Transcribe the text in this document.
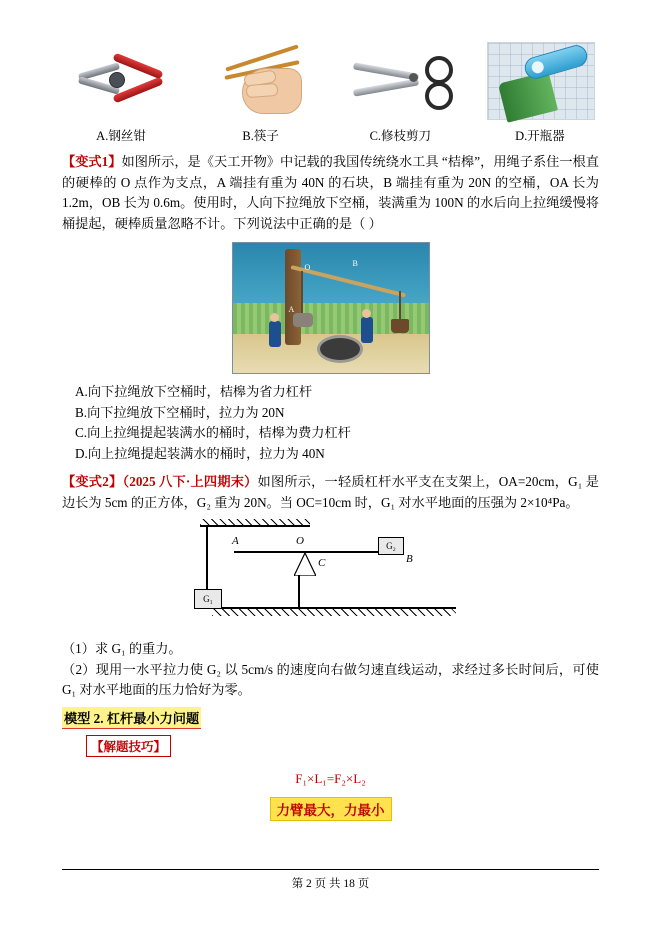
A.钢丝钳	B.筷子	C.修枝剪刀	D.开瓶器

【变式1】如图所示，是《天工开物》中记载的我国传统绕水工具 “桔槔”，用绳子系住一根直的硬棒的 O 点作为支点，A 端挂有重为 40N 的石块，B 端挂有重为 20N 的空桶，OA 长为 1.2m，OB 长为 0.6m。使用时，人向下拉绳放下空桶，装满重为 100N 的水后向上拉绳缓慢将桶提起，硬棒质量忽略不计。下列说法中正确的是（ ）

B
O
A

A.向下拉绳放下空桶时，桔槔为省力杠杆

B.向下拉绳放下空桶时，拉力为 20N

C.向上拉绳提起装满水的桶时，桔槔为费力杠杆

D.向上拉绳提起装满水的桶时，拉力为 40N

【变式2】（2025 八下·上四期末）如图所示，一轻质杠杆水平支在支架上，OA=20cm，G₁ 是边长为 5cm 的正方体，G₂ 重为 20N。当 OC=10cm 时，G₁ 对水平地面的压强为 2×10⁴Pa。

G₁
G₂
A	O
C	B

（1）求 G₁ 的重力。

（2）现用一水平拉力使 G₂ 以 5cm/s 的速度向右做匀速直线运动，求经过多长时间后，可使 G₁ 对水平地面的压力恰好为零。

模型 2. 杠杆最小力问题
【解题技巧】
F₁×L₁=F₂×L₂
力臂最大，力最小
第 2 页 共 18 页
